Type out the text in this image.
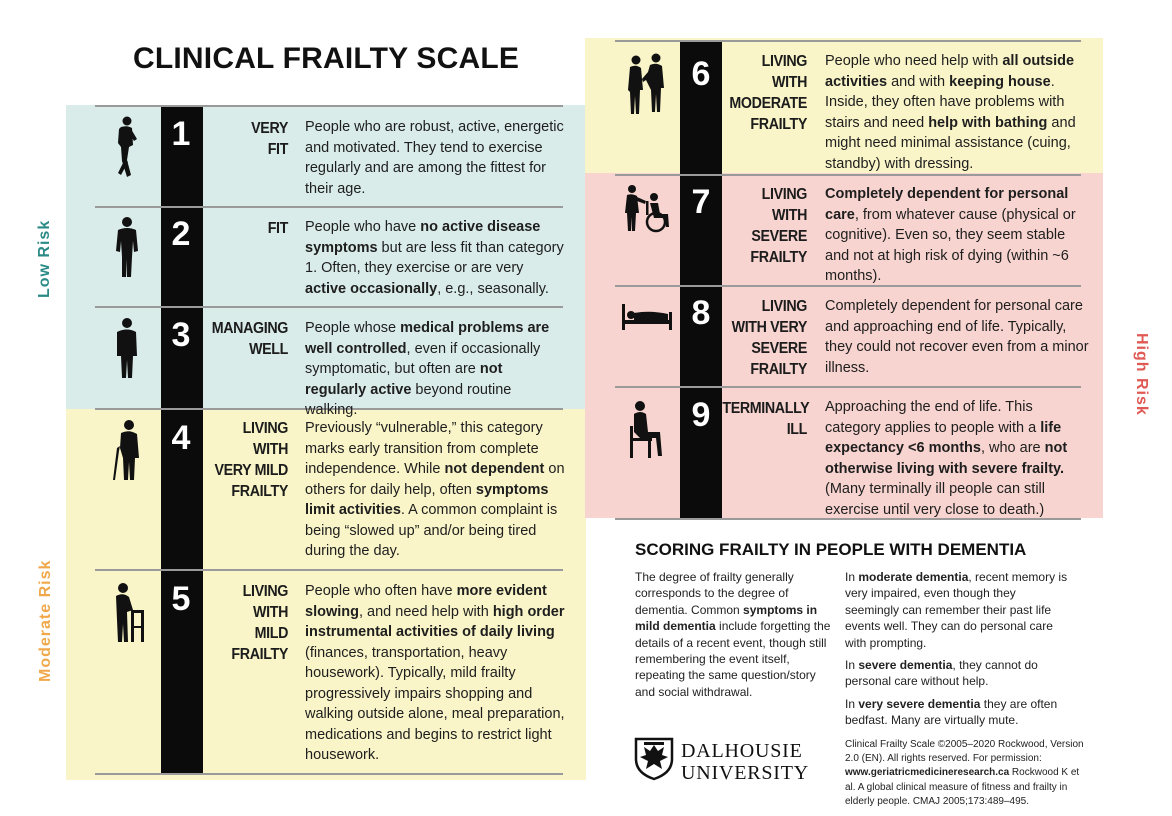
CLINICAL FRAILTY SCALE
Low Risk
Moderate Risk
High Risk
1	VERY
FIT
People who are robust, active, energetic and motivated. They tend to exercise regularly and are among the fittest for their age.
2	FIT People who have no active disease symptoms but are less fit than category 1. Often, they exercise or are very active occasionally, e.g., seasonally.
3	MANAGING
WELL
People whose medical problems are well controlled, even if occasionally symptomatic, but often are not regularly active beyond routine walking.
4	LIVING
WITH
VERY MILD
FRAILTY
Previously “vulnerable,” this category marks early transition from complete independence. While not dependent on others for daily help, often symptoms limit activities. A common complaint is being “slowed up” and/or being tired during the day.
5	LIVING
WITH
MILD
FRAILTY
People who often have more evident slowing, and need help with high order instrumental activities of daily living (finances, transportation, heavy housework). Typically, mild frailty progressively impairs shopping and walking outside alone, meal preparation, medications and begins to restrict light housework.
6	LIVING
WITH
MODERATE
FRAILTY
People who need help with all outside activities and with keeping house. Inside, they often have problems with stairs and need help with bathing and might need minimal assistance (cuing, standby) with dressing.
7	LIVING
WITH
SEVERE
FRAILTY
Completely dependent for personal care, from whatever cause (physical or cognitive). Even so, they seem stable and not at high risk of dying (within ~6 months).
8	LIVING
WITH VERY
SEVERE
FRAILTY
Completely dependent for personal care and approaching end of life. Typically, they could not recover even from a minor illness.
9 TERMINALLY
ILL
Approaching the end of life. This category applies to people with a life expectancy <6 months, who are not otherwise living with severe frailty. (Many terminally ill people can still exercise until very close to death.)
SCORING FRAILTY IN PEOPLE WITH DEMENTIA

The degree of frailty generally corresponds to the degree of dementia. Common symptoms in mild dementia include forgetting the details of a recent event, though still remembering the event itself, repeating the same question/story and social withdrawal.

In moderate dementia, recent memory is very impaired, even though they seemingly can remember their past life events well. They can do personal care with prompting.

In severe dementia, they cannot do personal care without help.

In very severe dementia they are often bedfast. Many are virtually mute.

DALHOUSIE
UNIVERSITY
Clinical Frailty Scale ©2005–2020 Rockwood, Version 2.0 (EN). All rights reserved. For permission: www.geriatricmedicineresearch.ca Rockwood K et al. A global clinical measure of fitness and frailty in elderly people. CMAJ 2005;173:489–495.
